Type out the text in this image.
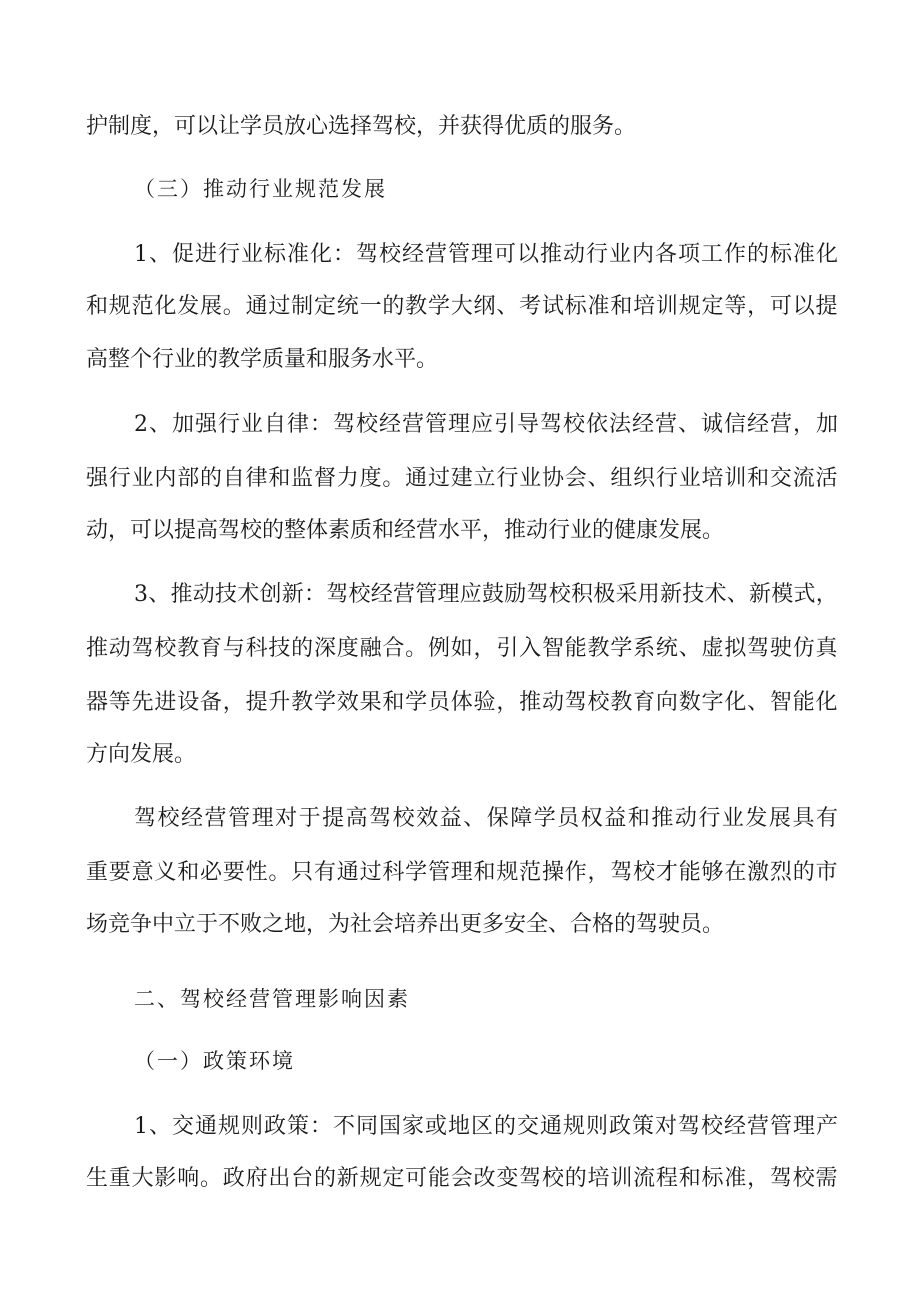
护制度，可以让学员放心选择驾校，并获得优质的服务。
（三）推动行业规范发展
1 、 促 进 行 业 标 准 化 ： 驾 校 经 营 管 理 可 以 推 动 行 业 内 各 项 工 作 的 标 准 化
和 规 范 化 发 展 。 通 过 制 定 统 一 的 教 学 大 纲 、 考 试 标 准 和 培 训 规 定 等 ， 可 以 提
高整个行业的教学质量和服务水平。
2 、 加 强 行 业 自 律 ： 驾 校 经 营 管 理 应 引 导 驾 校 依 法 经 营 、 诚 信 经 营 ， 加
强 行 业 内 部 的 自 律 和 监 督 力 度 。 通 过 建 立 行 业 协 会 、 组 织 行 业 培 训 和 交 流 活
动，可以提高驾校的整体素质和经营水平，推动行业的健康发展。
3 、 推 动 技 术 创 新 ： 驾 校 经 营 管 理 应 鼓 励 驾 校 积 极 采 用 新 技 术 、 新 模 式 ，
推 动 驾 校 教 育 与 科 技 的 深 度 融 合 。 例 如 ， 引 入 智 能 教 学 系 统 、 虚 拟 驾 驶 仿 真
器 等 先 进 设 备 ， 提 升 教 学 效 果 和 学 员 体 验 ， 推 动 驾 校 教 育 向 数 字 化 、 智 能 化
方向发展。
驾 校 经 营 管 理 对 于 提 高 驾 校 效 益 、 保 障 学 员 权 益 和 推 动 行 业 发 展 具 有
重 要 意 义 和 必 要 性 。 只 有 通 过 科 学 管 理 和 规 范 操 作 ， 驾 校 才 能 够 在 激 烈 的 市
场竞争中立于不败之地，为社会培养出更多安全、合格的驾驶员。
二、驾校经营管理影响因素
（一）政策环境
1 、 交 通 规 则 政 策 ： 不 同 国 家 或 地 区 的 交 通 规 则 政 策 对 驾 校 经 营 管 理 产
生 重 大 影 响 。 政 府 出 台 的 新 规 定 可 能 会 改 变 驾 校 的 培 训 流 程 和 标 准 ， 驾 校 需
